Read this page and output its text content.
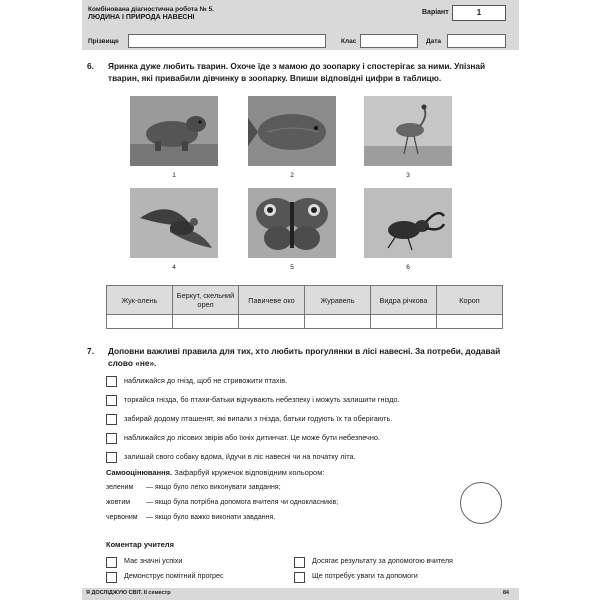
Комбінована діагностична робота № 5.
ЛЮДИНА І ПРИРОДА НАВЕСНІ
Варіант	1
Прізвище	Клас	Дата
6. Яринка дуже любить тварин. Охоче їде з мамою до зоопарку і спостерігає за ними. Упізнай тварин, які привабили дівчинку в зоопарку. Впиши відповідні цифри в таблицю.
1	2	3
4	5	6
Жук-олень	Беркут, скельний орел	Павичеве око	Журавель	Видра річкова	Короп

7. Доповни важливі правила для тих, хто любить прогулянки в лісі навесні. За потреби, додавай слово «не».
наближайся до гнізд, щоб не стривожити птахів.
торкайся гнізда, бо птахи-батьки відчувають небезпеку і можуть залишити гніздо.
забирай додому пташенят, які випали з гнізда, батьки годують їх та оберігають.
наближайся до лісових звірів або їхніх дитинчат. Це може бути небезпечно.
залишай свого собаку вдома, йдучи в ліс навесні чи на початку літа.
Самооцінювання. Зафарбуй кружечок відповідним кольором:
зеленим — якщо було легко виконувати завдання;
жовтим — якщо була потрібна допомога вчителя чи однокласників;
червоним — якщо було важко виконати завдання.
Коментар учителя
Має значні успіхи
Демонструє помітний прогрес
Досягає результату за допомогою вчителя
Ще потребує уваги та допомоги
Я ДОСЛІДЖУЮ СВІТ. ІІ семестр	84
